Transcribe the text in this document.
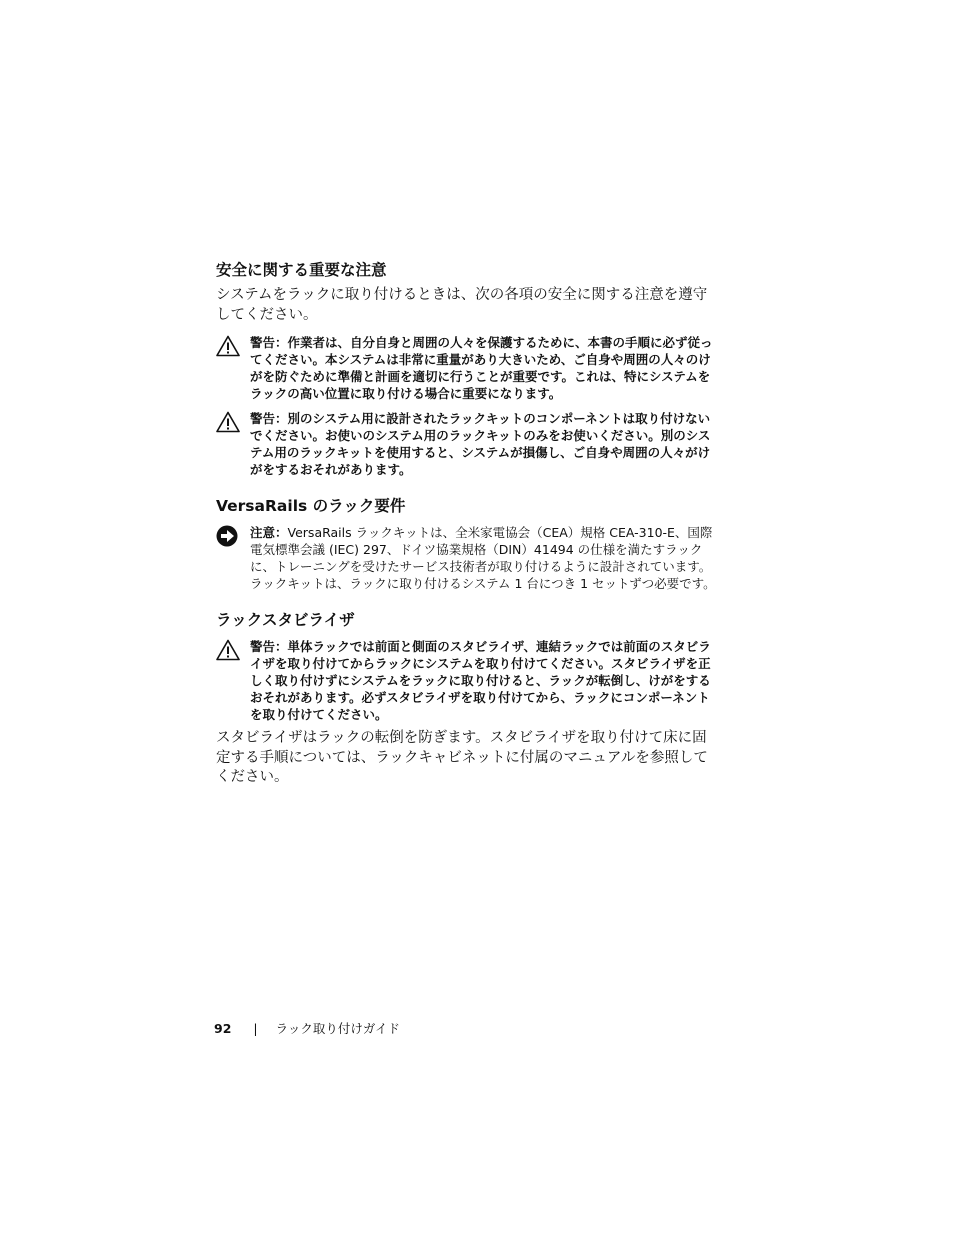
安全に関する重要な注意

システムをラックに取り付けるときは、次の各項の安全に関する注意を遵守してください。

警告：作業者は、自分自身と周囲の人々を保護するために、本書の手順に必ず従ってください。本システムは非常に重量があり大きいため、ご自身や周囲の人々のけがを防ぐために準備と計画を適切に行うことが重要です。これは、特にシステムをラックの高い位置に取り付ける場合に重要になります。
警告：別のシステム用に設計されたラックキットのコンポーネントは取り付けないでください。お使いのシステム用のラックキットのみをお使いください。別のシステム用のラックキットを使用すると、システムが損傷し、ご自身や周囲の人々がけがをするおそれがあります。
VersaRails のラック要件
注意：VersaRails ラックキットは、全米家電協会（CEA）規格 CEA-310-E、国際電気標準会議 (IEC) 297、ドイツ協業規格（DIN）41494 の仕様を満たすラックに、トレーニングを受けたサービス技術者が取り付けるように設計されています。ラックキットは、ラックに取り付けるシステム 1 台につき 1 セットずつ必要です。
ラックスタビライザ
警告：単体ラックでは前面と側面のスタビライザ、連結ラックでは前面のスタビライザを取り付けてからラックにシステムを取り付けてください。スタビライザを正しく取り付けずにシステムをラックに取り付けると、ラックが転倒し、けがをするおそれがあります。必ずスタビライザを取り付けてから、ラックにコンポーネントを取り付けてください。

スタビライザはラックの転倒を防ぎます。スタビライザを取り付けて床に固定する手順については、ラックキャビネットに付属のマニュアルを参照してください。

92 | ラック取り付けガイド
